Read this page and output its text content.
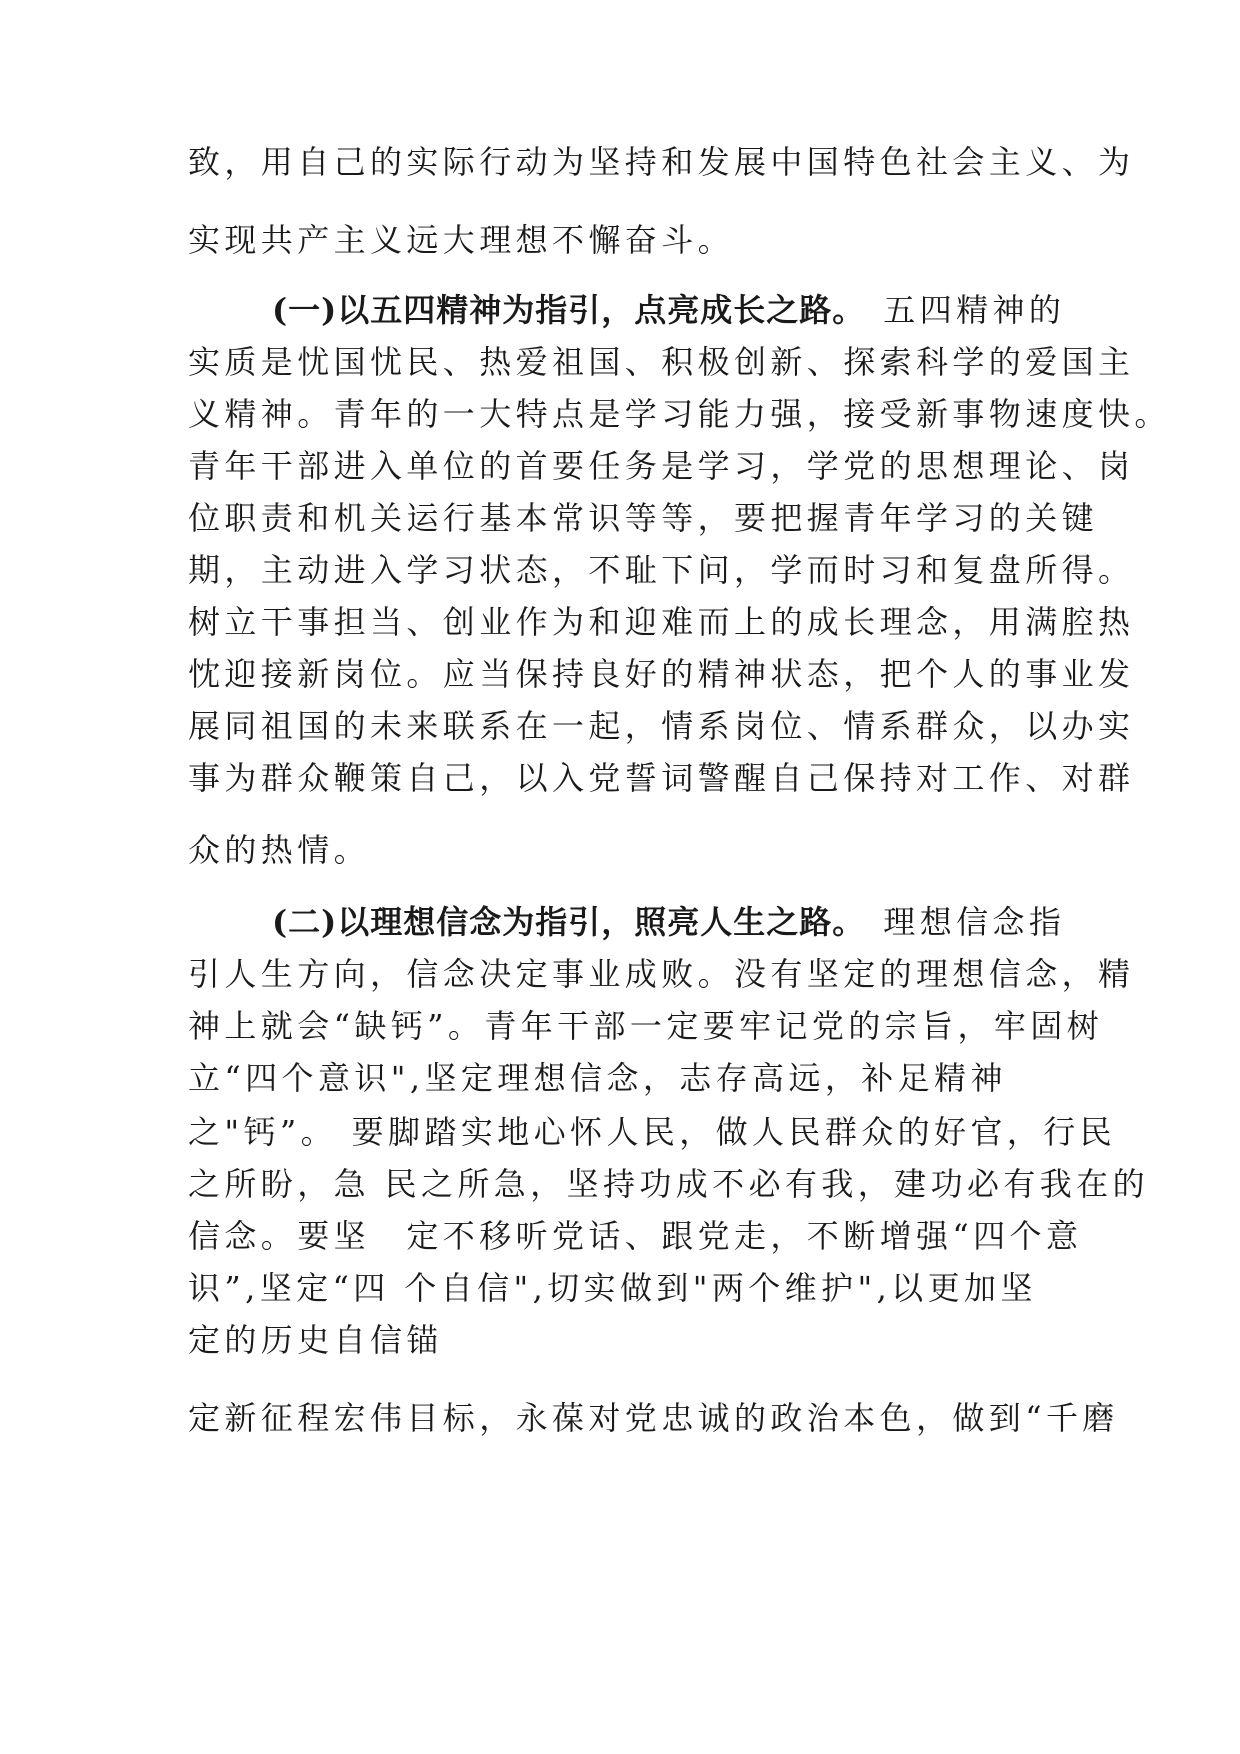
致，用自己的实际行动为坚持和发展中国特色社会主义、为
实现共产主义远大理想不懈奋斗。
(一)以五四精神为指引，点亮成长之路。 五四精神的
实质是忧国忧民、热爱祖国、积极创新、探索科学的爱国主
义精神。青年的一大特点是学习能力强，接受新事物速度快。
青年干部进入单位的首要任务是学习，学党的思想理论、岗
位职责和机关运行基本常识等等，要把握青年学习的关键
期，主动进入学习状态，不耻下问，学而时习和复盘所得。
树立干事担当、创业作为和迎难而上的成长理念，用满腔热
忱迎接新岗位。应当保持良好的精神状态，把个人的事业发
展同祖国的未来联系在一起，情系岗位、情系群众，以办实
事为群众鞭策自己，以入党誓词警醒自己保持对工作、对群
众的热情。
(二)以理想信念为指引，照亮人生之路。 理想信念指
引人生方向，信念决定事业成败。没有坚定的理想信念，精
神上就会“缺钙”。青年干部一定要牢记党的宗旨，牢固树
立“四个意识",坚定理想信念，志存高远，补足精神
之"钙”。 要脚踏实地心怀人民，做人民群众的好官，行民
之所盼，急 民之所急，坚持功成不必有我，建功必有我在的
信念。要坚　定不移听党话、跟党走，不断增强“四个意
识”,坚定“四 个自信",切实做到"两个维护",以更加坚
定的历史自信锚
定新征程宏伟目标，永葆对党忠诚的政治本色，做到“千磨
